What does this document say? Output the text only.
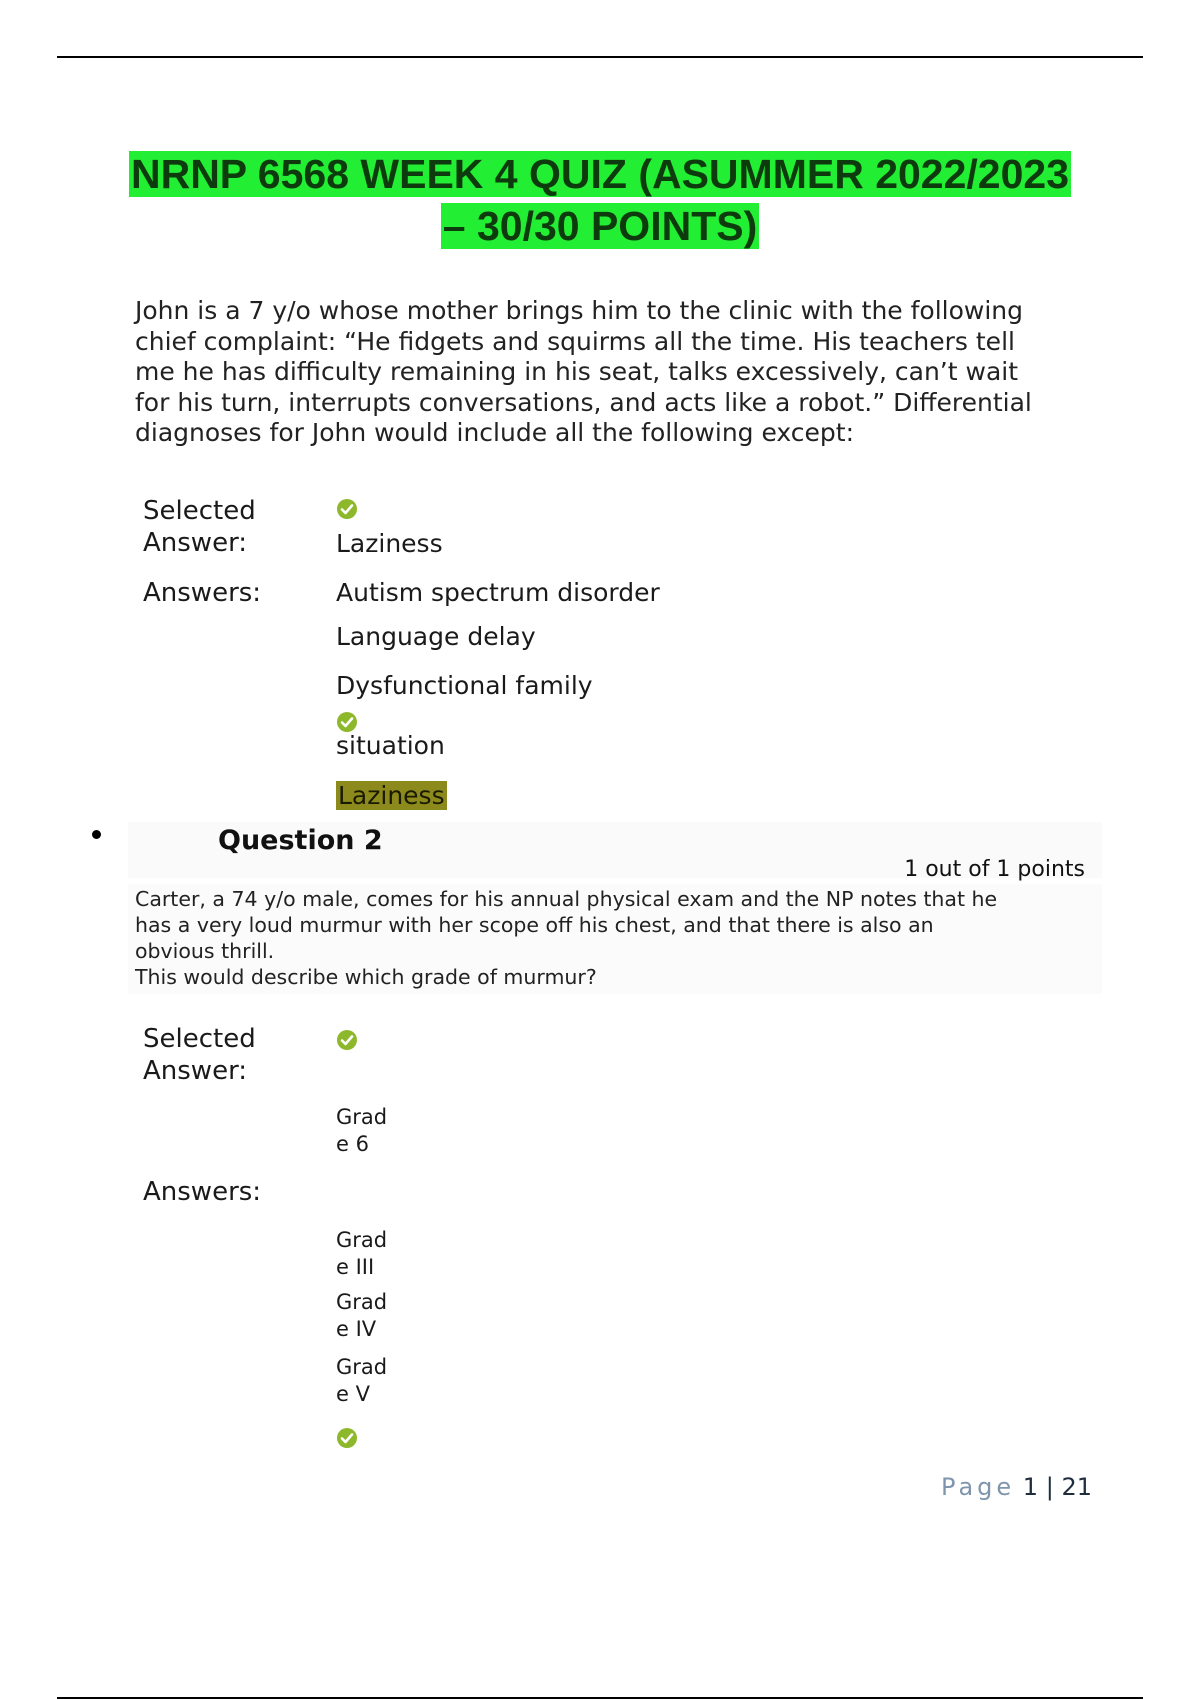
NRNP 6568 WEEK 4 QUIZ (ASUMMER 2022/2023
– 30/30 POINTS)
John is a 7 y/o whose mother brings him to the clinic with the following chief complaint: “He fidgets and squirms all the time. His teachers tell me he has difficulty remaining in his seat, talks excessively, can’t wait for his turn, interrupts conversations, and acts like a robot.” Differential diagnoses for John would include all the following except:
Selected
Answer:	Laziness
Answers:	Autism spectrum disorder
Language delay
Dysfunctional family
situation
Laziness
Question 2
1 out of 1 points
Carter, a 74 y/o male, comes for his annual physical exam and the NP notes that he
has a very loud murmur with her scope off his chest, and that there is also an
obvious thrill.
This would describe which grade of murmur?
Selected
Answer:
Grad
e 6
Answers:
Grad
e III
Grad
e IV
Grad
e V
Page 1 | 21
